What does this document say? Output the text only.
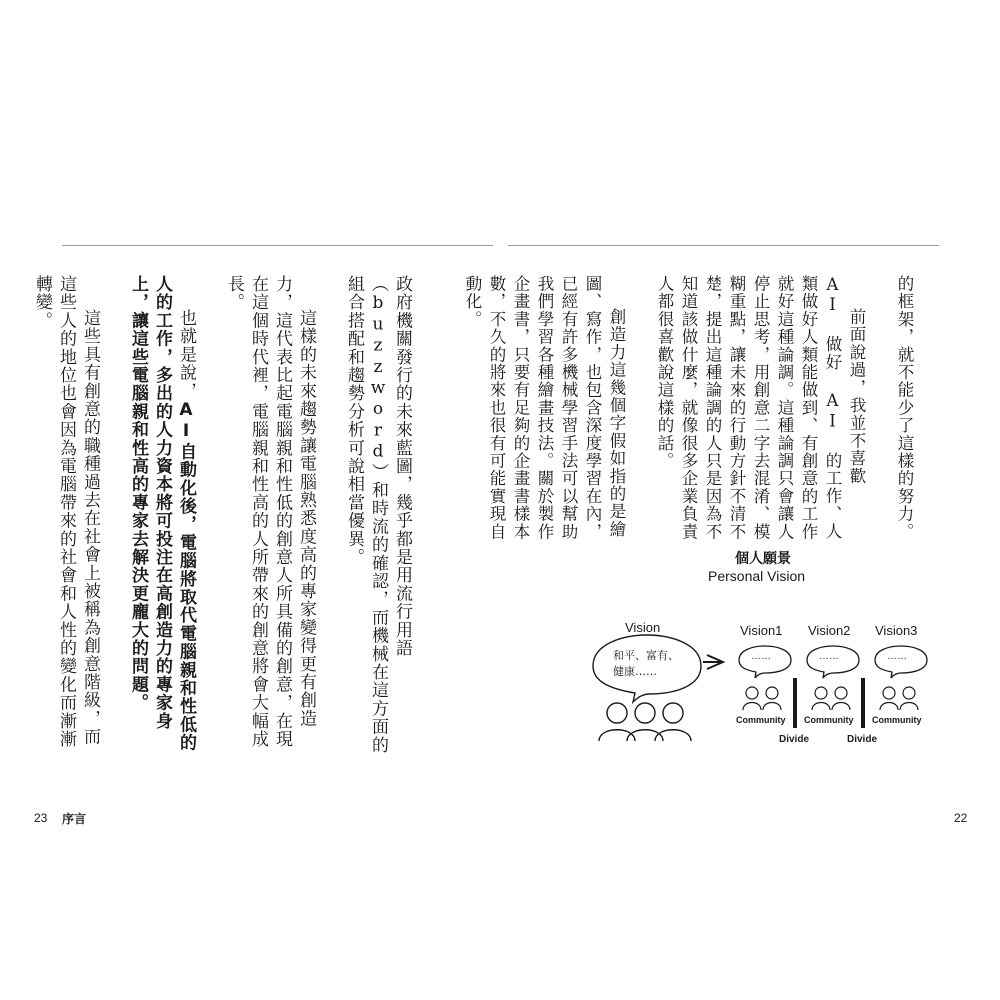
政府機關發行的未來藍圖，幾乎都是用流行用語（buzzword）和時流的確認，而機械在這方面的組合搭配和趨勢分析可說相當優異。

這樣的未來趨勢讓電腦熟悉度高的專家變得更有創造力，這代表比起電腦親和性低的創意人所具備的創意，在現在這個時代裡，電腦親和性高的人所帶來的創意將會大幅成長。

也就是說，AI自動化後，電腦將取代電腦親和性低的人的工作，多出的人力資本將可投注在高創造力的專家身上，讓這些電腦親和性高的專家去解決更龐大的問題。

這些具有創意的職種過去在社會上被稱為創意階級，而這些人的地位也會因為電腦帶來的社會和人性的變化而漸漸轉變。	的框架，就不能少了這樣的努力。

前面說過，我並不喜歡 AI 做好 AI 的工作、人類做好人類能做到、有創意的工作就好這種論調。這種論調只會讓人停止思考，用創意二字去混淆、模糊重點，讓未來的行動方針不清不楚，提出這種論調的人只是因為不知道該做什麼，就像很多企業負責人都很喜歡說這樣的話。

創造力這幾個字假如指的是繪圖、寫作，也包含深度學習在內，已經有許多機械學習手法可以幫助我們學習各種繪畫技法。關於製作企畫書，只要有足夠的企畫書樣本數，不久的將來也很有可能實現自動化。

個人願景
Personal Vision
Vision
和平、富有、健康……
Vision1 Vision2 Vision3
……	……	……
Community Community Community
Divide	Divide
23 序言	22
